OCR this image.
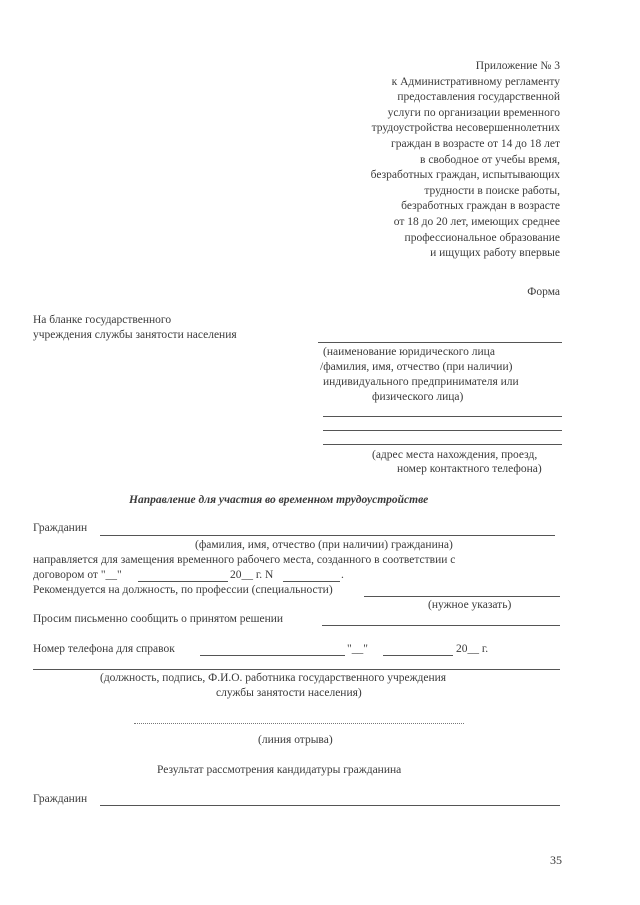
Приложение № 3
к Административному регламенту
предоставления государственной
услуги по организации временного
трудоустройства несовершеннолетних
граждан в возрасте от 14 до 18 лет
в свободное от учебы время,
безработных граждан, испытывающих
трудности в поиске работы,
безработных граждан в возрасте
от 18 до 20 лет, имеющих среднее
профессиональное образование
и ищущих работу впервые
Форма
На бланке государственного
учреждения службы занятости населения
(наименование юридического лица
/фамилия, имя, отчество (при наличии)
индивидуального предпринимателя или
физического лица)
(адрес места нахождения, проезд,
номер контактного телефона)
Направление для участия во временном трудоустройстве
Гражданин
(фамилия, имя, отчество (при наличии) гражданина)
направляется для замещения временного рабочего места, созданного в соответствии с
договором от "__"	20__ г. N	.
Рекомендуется на должность, по профессии (специальности)
(нужное указать)
Просим письменно сообщить о принятом решении
Номер телефона для справок	"__"	20__ г.
(должность, подпись, Ф.И.О. работника государственного учреждения
службы занятости населения)
(линия отрыва)
Результат рассмотрения кандидатуры гражданина
Гражданин
35
